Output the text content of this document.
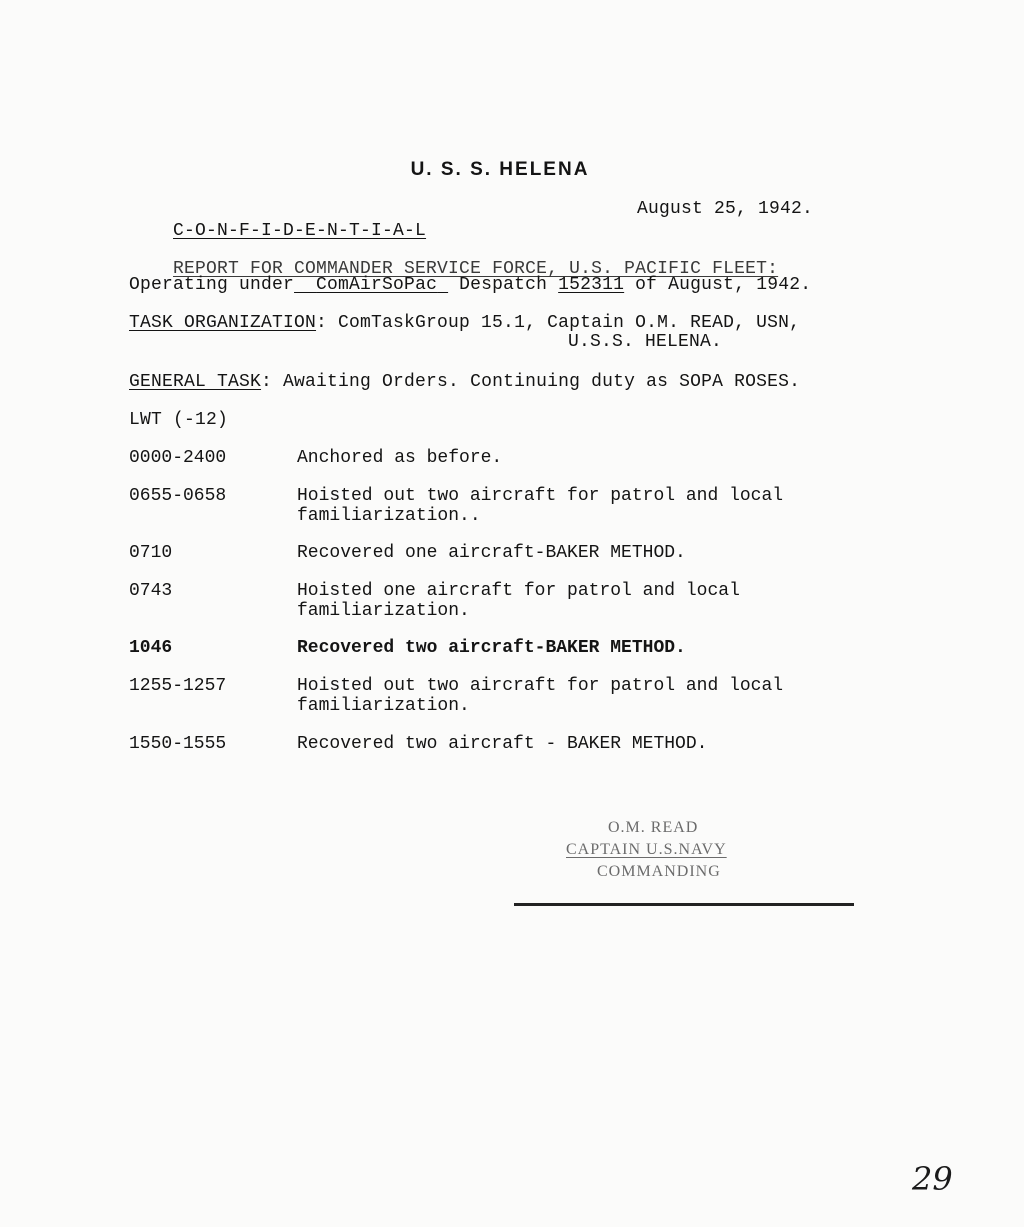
U. S. S. HELENA

C-O-N-F-I-D-E-N-T-I-A-L

August 25, 1942.

REPORT FOR COMMANDER SERVICE FORCE, U.S. PACIFIC FLEET:

Operating under ComAirSoPac Despatch 152311 of August, 1942.
TASK ORGANIZATION: ComTaskGroup 15.1, Captain O.M. READ, USN,
U.S.S. HELENA.
GENERAL TASK: Awaiting Orders. Continuing duty as SOPA ROSES.
LWT (-12)
0000-2400	Anchored as before.
0655-0658	Hoisted out two aircraft for patrol and local familiarization..
0710	Recovered one aircraft-BAKER METHOD.
0743	Hoisted one aircraft for patrol and local familiarization.
1046	Recovered two aircraft-BAKER METHOD.
1255-1257	Hoisted out two aircraft for patrol and local familiarization.
1550-1555	Recovered two aircraft - BAKER METHOD.
O.M. READ
CAPTAIN U.S.NAVY
COMMANDING
29
